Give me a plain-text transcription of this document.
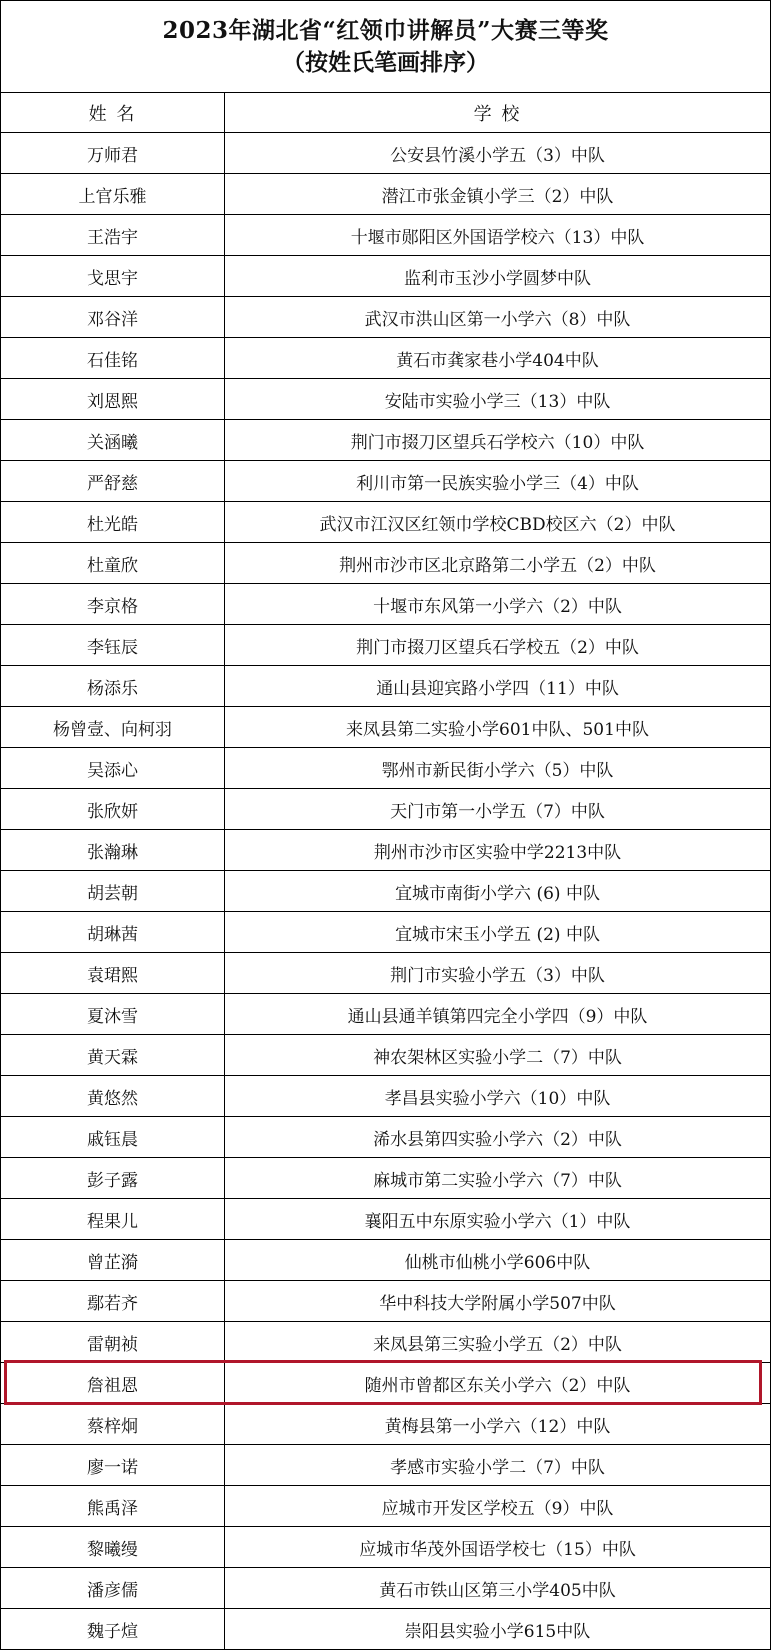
2023年湖北省“红领巾讲解员”大赛三等奖
（按姓氏笔画排序）	

姓 名	学 校
万师君	公安县竹溪小学五（3）中队
上官乐雅	潜江市张金镇小学三（2）中队
王浩宇	十堰市郧阳区外国语学校六（13）中队
戈思宇	监利市玉沙小学圆梦中队
邓谷洋	武汉市洪山区第一小学六（8）中队
石佳铭	黄石市龚家巷小学404中队
刘恩熙	安陆市实验小学三（13）中队
关涵曦	荆门市掇刀区望兵石学校六（10）中队
严舒慈	利川市第一民族实验小学三（4）中队
杜光皓	武汉市江汉区红领巾学校CBD校区六（2）中队
杜童欣	荆州市沙市区北京路第二小学五（2）中队
李京格	十堰市东风第一小学六（2）中队
李钰辰	荆门市掇刀区望兵石学校五（2）中队
杨添乐	通山县迎宾路小学四（11）中队
杨曾壹、向柯羽	来凤县第二实验小学601中队、501中队
吴添心	鄂州市新民街小学六（5）中队
张欣妍	天门市第一小学五（7）中队
张瀚琳	荆州市沙市区实验中学2213中队
胡芸朝	宜城市南街小学六 (6) 中队
胡琳茜	宜城市宋玉小学五 (2) 中队
袁珺熙	荆门市实验小学五（3）中队
夏沐雪	通山县通羊镇第四完全小学四（9）中队
黄天霖	神农架林区实验小学二（7）中队
黄悠然	孝昌县实验小学六（10）中队
戚钰晨	浠水县第四实验小学六（2）中队
彭子露	麻城市第二实验小学六（7）中队
程果儿	襄阳五中东原实验小学六（1）中队
曾芷漪	仙桃市仙桃小学606中队
鄢若齐	华中科技大学附属小学507中队
雷朝祯	来凤县第三实验小学五（2）中队
詹祖恩	随州市曾都区东关小学六（2）中队
蔡梓炯	黄梅县第一小学六（12）中队
廖一诺	孝感市实验小学二（7）中队
熊禹泽	应城市开发区学校五（9）中队
黎曦缦	应城市华茂外国语学校七（15）中队
潘彦儒	黄石市铁山区第三小学405中队
魏子煊	崇阳县实验小学615中队
